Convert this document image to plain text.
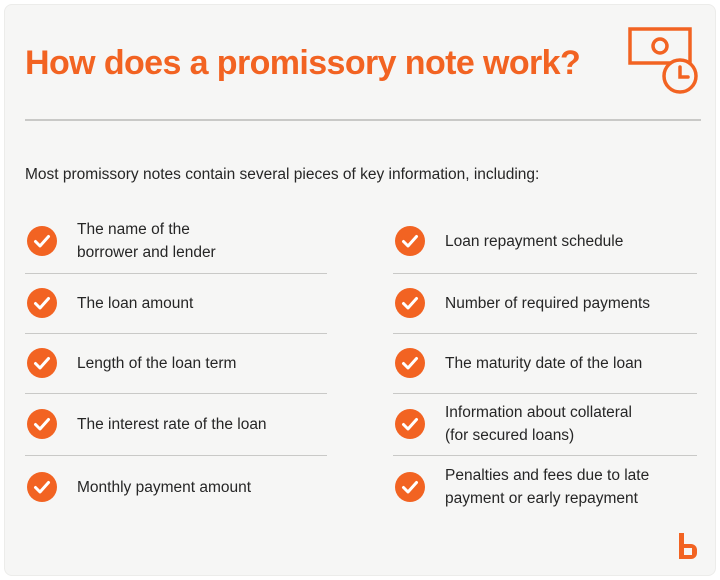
How does a promissory note work?

Most promissory notes contain several pieces of key information, including:

The name of the
borrower and lender
The loan amount
Length of the loan term
The interest rate of the loan
Monthly payment amount
Loan repayment schedule
Number of required payments
The maturity date of the loan
Information about collateral
(for secured loans)
Penalties and fees due to late
payment or early repayment
